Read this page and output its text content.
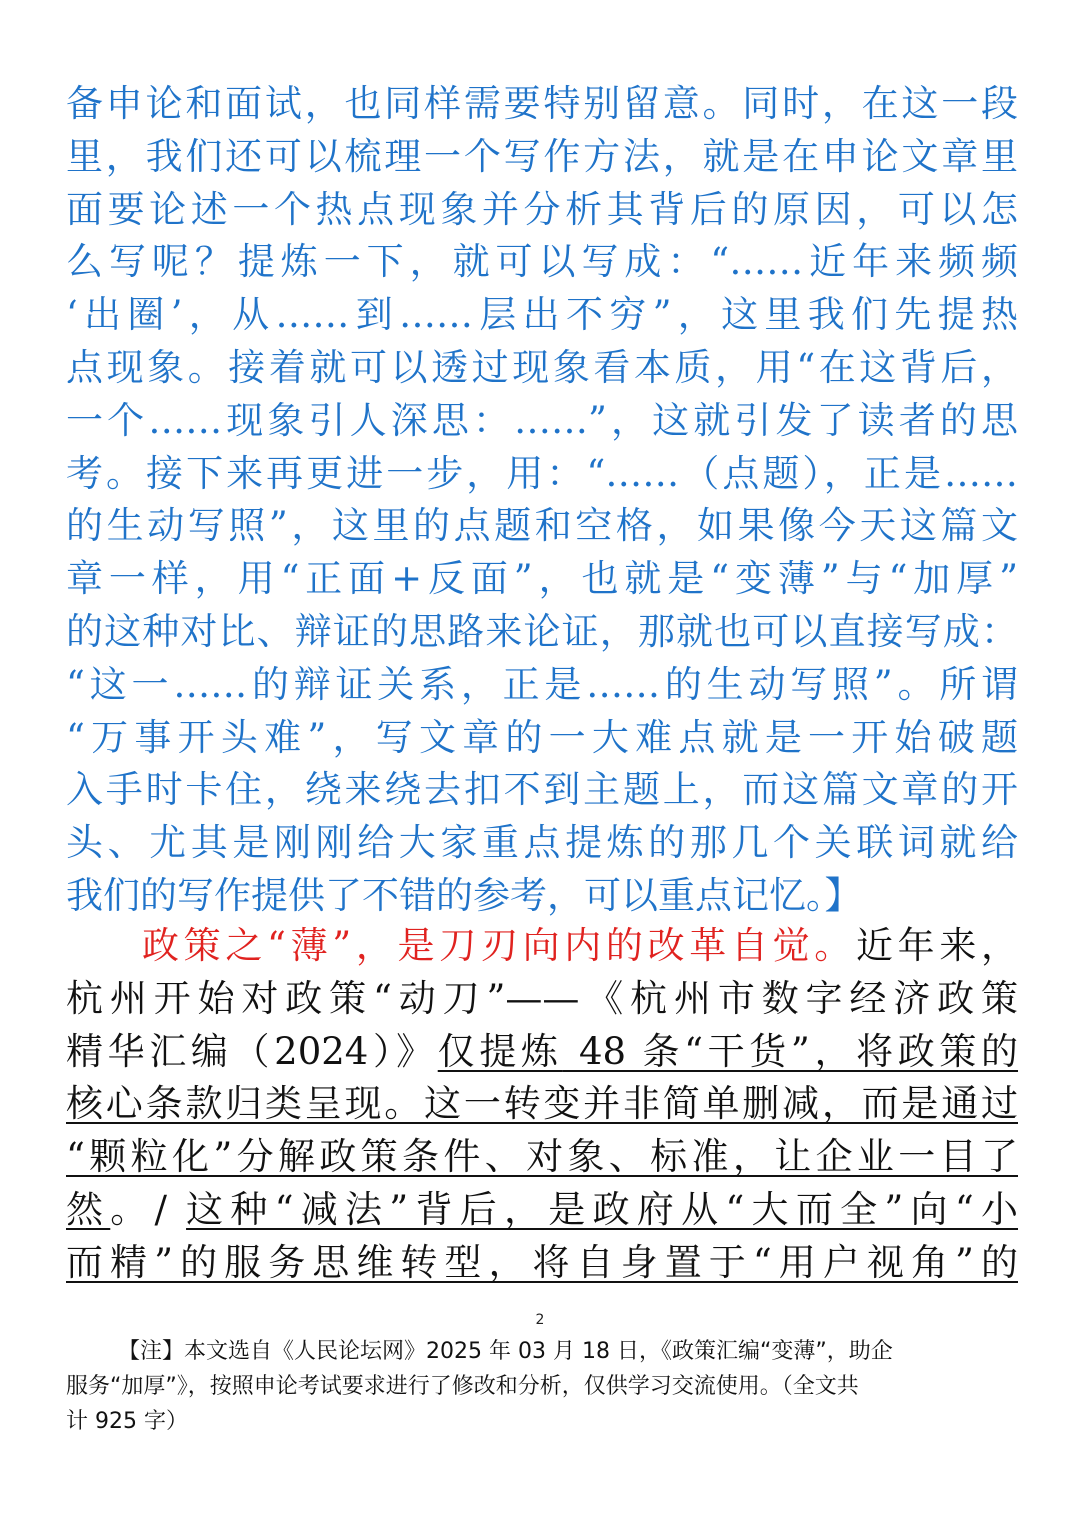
备申论和面试，也同样需要特别留意。同时，在这一段
里，我们还可以梳理一个写作方法，就是在申论文章里
面要论述一个热点现象并分析其背后的原因，可以怎
么写呢？提炼一下，就可以写成：“……近年来频频
‘出圈’，从……到……层出不穷”，这里我们先提热
点现象。接着就可以透过现象看本质，用“在这背后，
一个……现象引人深思：……”，这就引发了读者的思
考。接下来再更进一步，用：“……（点题），正是……
的生动写照”，这里的点题和空格，如果像今天这篇文
章一样，用“正面+反面”，也就是“变薄”与“加厚”
的这种对比、辩证的思路来论证，那就也可以直接写成：
“这一……的辩证关系，正是……的生动写照”。所谓
“万事开头难”，写文章的一大难点就是一开始破题
入手时卡住，绕来绕去扣不到主题上，而这篇文章的开
头、尤其是刚刚给大家重点提炼的那几个关联词就给
我们的写作提供了不错的参考，可以重点记忆。】
政策之“薄”，是刀刃向内的改革自觉。近年来，
杭州开始对政策“动刀”——《杭州市数字经济政策
精华汇编（2024）》仅提炼 48 条“干货”，将政策的
核心条款归类呈现。这一转变并非简单删减，而是通过
“颗粒化”分解政策条件、对象、标准，让企业一目了
然。/ 这种“减法”背后，是政府从“大而全”向“小
而精”的服务思维转型，将自身置于“用户视角”的
2
【注】本文选自《人民论坛网》2025 年 03 月 18 日，《政策汇编“变薄”，助企
服务“加厚”》，按照申论考试要求进行了修改和分析，仅供学习交流使用。（全文共
计 925 字）
